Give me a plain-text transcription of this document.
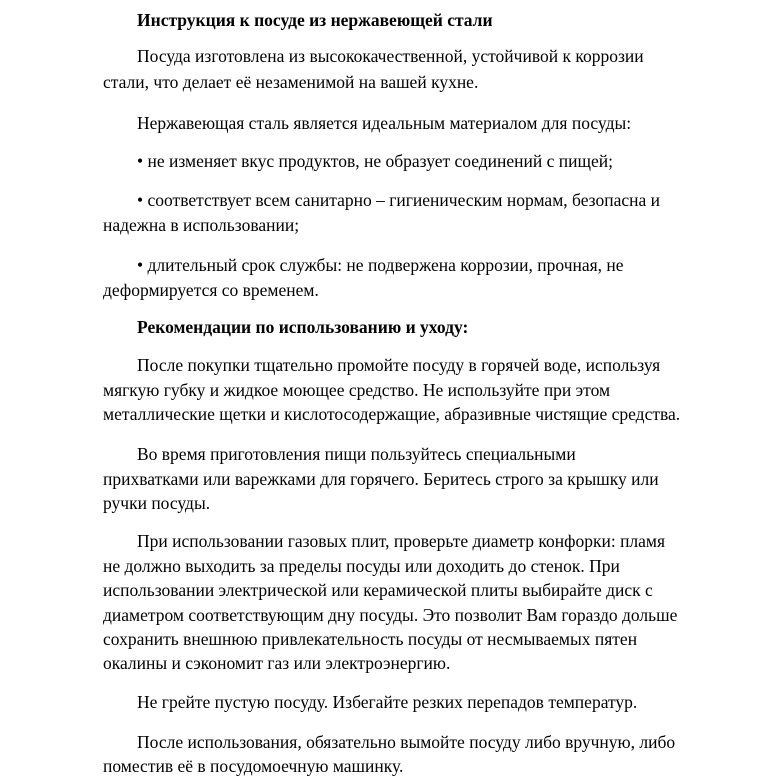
Инструкция к посуде из нержавеющей стали
Посуда изготовлена из высококачественной, устойчивой к коррозии
стали, что делает её незаменимой на вашей кухне.
Нержавеющая сталь является идеальным материалом для посуды:
• не изменяет вкус продуктов, не образует соединений с пищей;
• соответствует всем санитарно – гигиеническим нормам, безопасна и
надежна в использовании;
• длительный срок службы: не подвержена коррозии, прочная, не
деформируется со временем.
Рекомендации по использованию и уходу:
После покупки тщательно промойте посуду в горячей воде, используя
мягкую губку и жидкое моющее средство. Не используйте при этом
металлические щетки и кислотосодержащие, абразивные чистящие средства.
Во время приготовления пищи пользуйтесь специальными
прихватками или варежками для горячего. Беритесь строго за крышку или
ручки посуды.
При использовании газовых плит, проверьте диаметр конфорки: пламя
не должно выходить за пределы посуды или доходить до стенок. При
использовании электрической или керамической плиты выбирайте диск с
диаметром соответствующим дну посуды. Это позволит Вам гораздо дольше
сохранить внешнюю привлекательность посуды от несмываемых пятен
окалины и сэкономит газ или электроэнергию.
Не грейте пустую посуду. Избегайте резких перепадов температур.
После использования, обязательно вымойте посуду либо вручную, либо
поместив её в посудомоечную машинку.
